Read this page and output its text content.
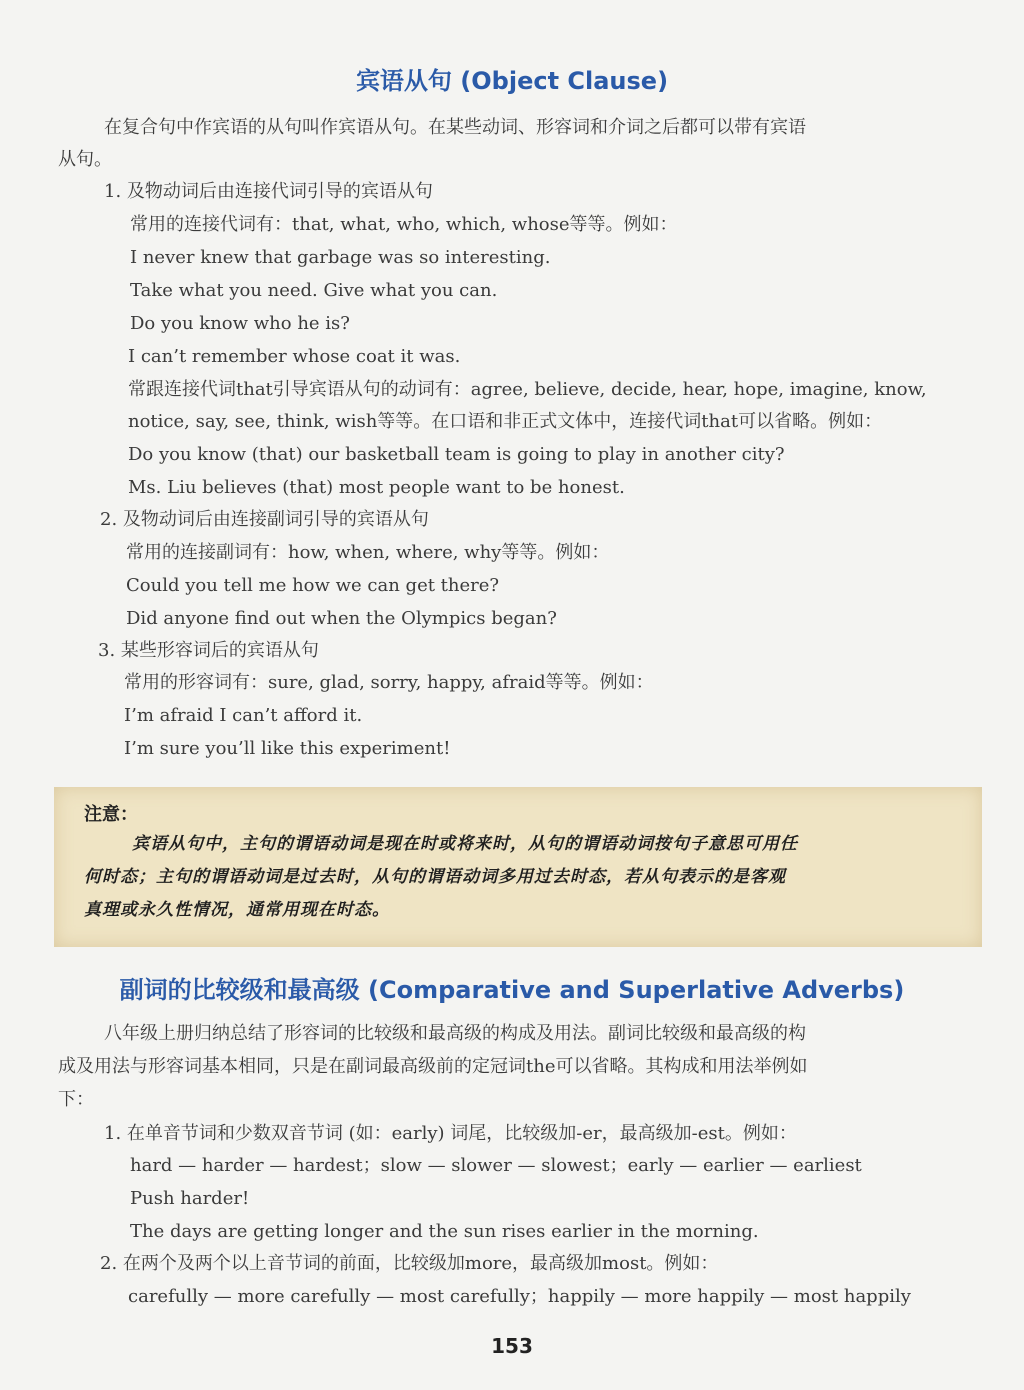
宾语从句 (Object Clause)
在复合句中作宾语的从句叫作宾语从句。在某些动词、形容词和介词之后都可以带有宾语
从句。
1. 及物动词后由连接代词引导的宾语从句
常用的连接代词有：that, what, who, which, whose等等。例如：
I never knew that garbage was so interesting.
Take what you need. Give what you can.
Do you know who he is?
I can’t remember whose coat it was.
常跟连接代词that引导宾语从句的动词有：agree, believe, decide, hear, hope, imagine, know,
notice, say, see, think, wish等等。在口语和非正式文体中，连接代词that可以省略。例如：
Do you know (that) our basketball team is going to play in another city?
Ms. Liu believes (that) most people want to be honest.
2. 及物动词后由连接副词引导的宾语从句
常用的连接副词有：how, when, where, why等等。例如：
Could you tell me how we can get there?
Did anyone find out when the Olympics began?
3. 某些形容词后的宾语从句
常用的形容词有：sure, glad, sorry, happy, afraid等等。例如：
I’m afraid I can’t afford it.
I’m sure you’ll like this experiment!
注意：
宾语从句中，主句的谓语动词是现在时或将来时，从句的谓语动词按句子意思可用任
何时态；主句的谓语动词是过去时，从句的谓语动词多用过去时态，若从句表示的是客观
真理或永久性情况，通常用现在时态。
副词的比较级和最高级 (Comparative and Superlative Adverbs)
八年级上册归纳总结了形容词的比较级和最高级的构成及用法。副词比较级和最高级的构
成及用法与形容词基本相同，只是在副词最高级前的定冠词the可以省略。其构成和用法举例如
下：
1. 在单音节词和少数双音节词 (如：early) 词尾，比较级加-er，最高级加-est。例如：
hard — harder — hardest；slow — slower — slowest；early — earlier — earliest
Push harder!
The days are getting longer and the sun rises earlier in the morning.
2. 在两个及两个以上音节词的前面，比较级加more，最高级加most。例如：
carefully — more carefully — most carefully；happily — more happily — most happily
153
